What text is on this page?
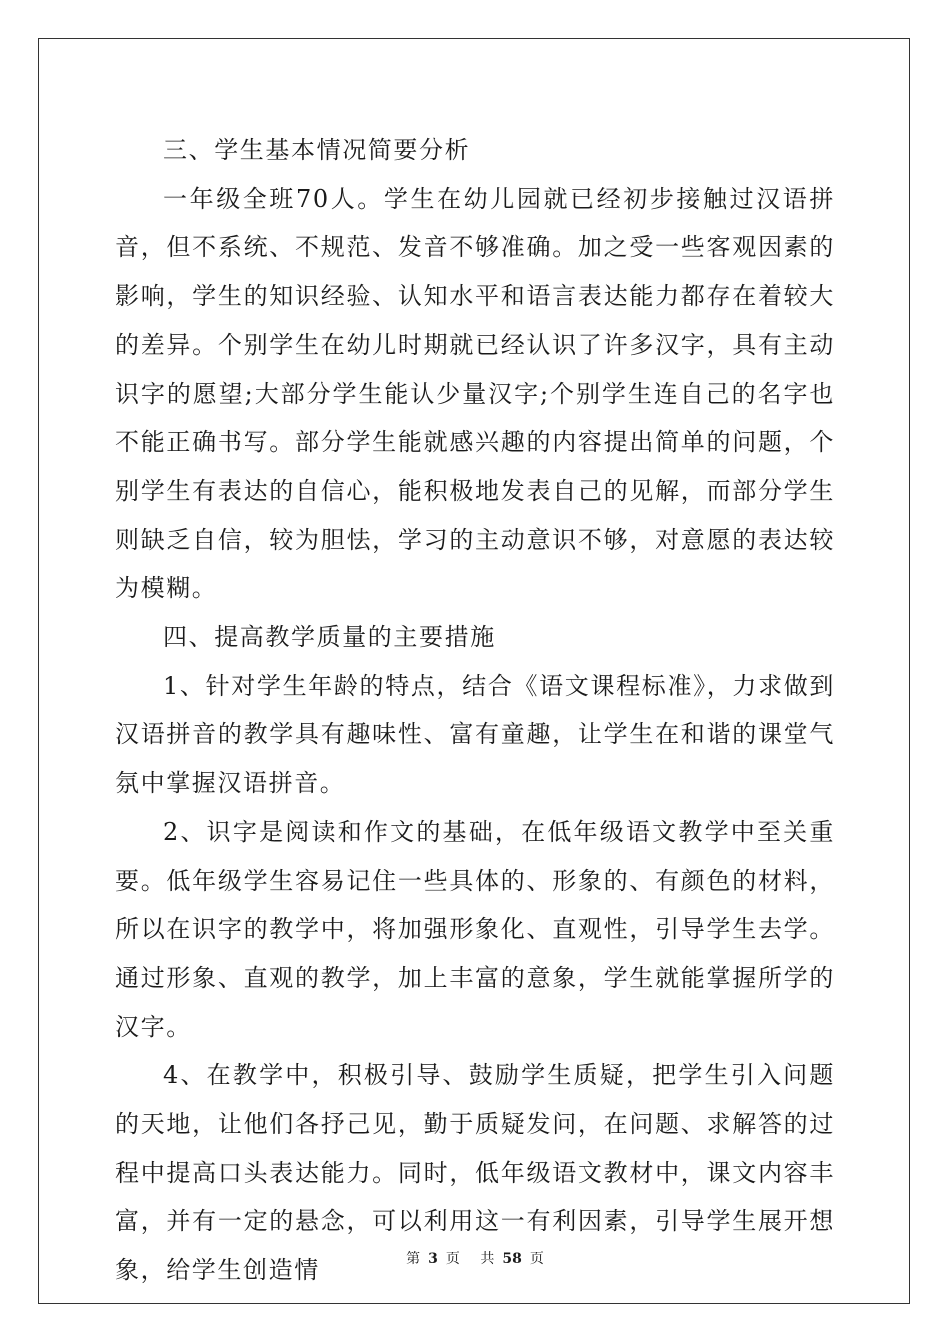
三、学生基本情况简要分析

一年级全班70人。学生在幼儿园就已经初步接触过汉语拼音，但不系统、不规范、发音不够准确。加之受一些客观因素的影响，学生的知识经验、认知水平和语言表达能力都存在着较大的差异。个别学生在幼儿时期就已经认识了许多汉字，具有主动识字的愿望;大部分学生能认少量汉字;个别学生连自己的名字也不能正确书写。部分学生能就感兴趣的内容提出简单的问题，个别学生有表达的自信心，能积极地发表自己的见解，而部分学生则缺乏自信，较为胆怯，学习的主动意识不够，对意愿的表达较为模糊。

四、提高教学质量的主要措施

1、针对学生年龄的特点，结合《语文课程标准》，力求做到汉语拼音的教学具有趣味性、富有童趣，让学生在和谐的课堂气氛中掌握汉语拼音。

2、识字是阅读和作文的基础，在低年级语文教学中至关重要。低年级学生容易记住一些具体的、形象的、有颜色的材料，所以在识字的教学中，将加强形象化、直观性，引导学生去学。通过形象、直观的教学，加上丰富的意象，学生就能掌握所学的汉字。

4、在教学中，积极引导、鼓励学生质疑，把学生引入问题的天地，让他们各抒己见，勤于质疑发问，在问题、求解答的过程中提高口头表达能力。同时，低年级语文教材中，课文内容丰富，并有一定的悬念，可以利用这一有利因素，引导学生展开想象，给学生创造情	第 3 页 共 58 页
